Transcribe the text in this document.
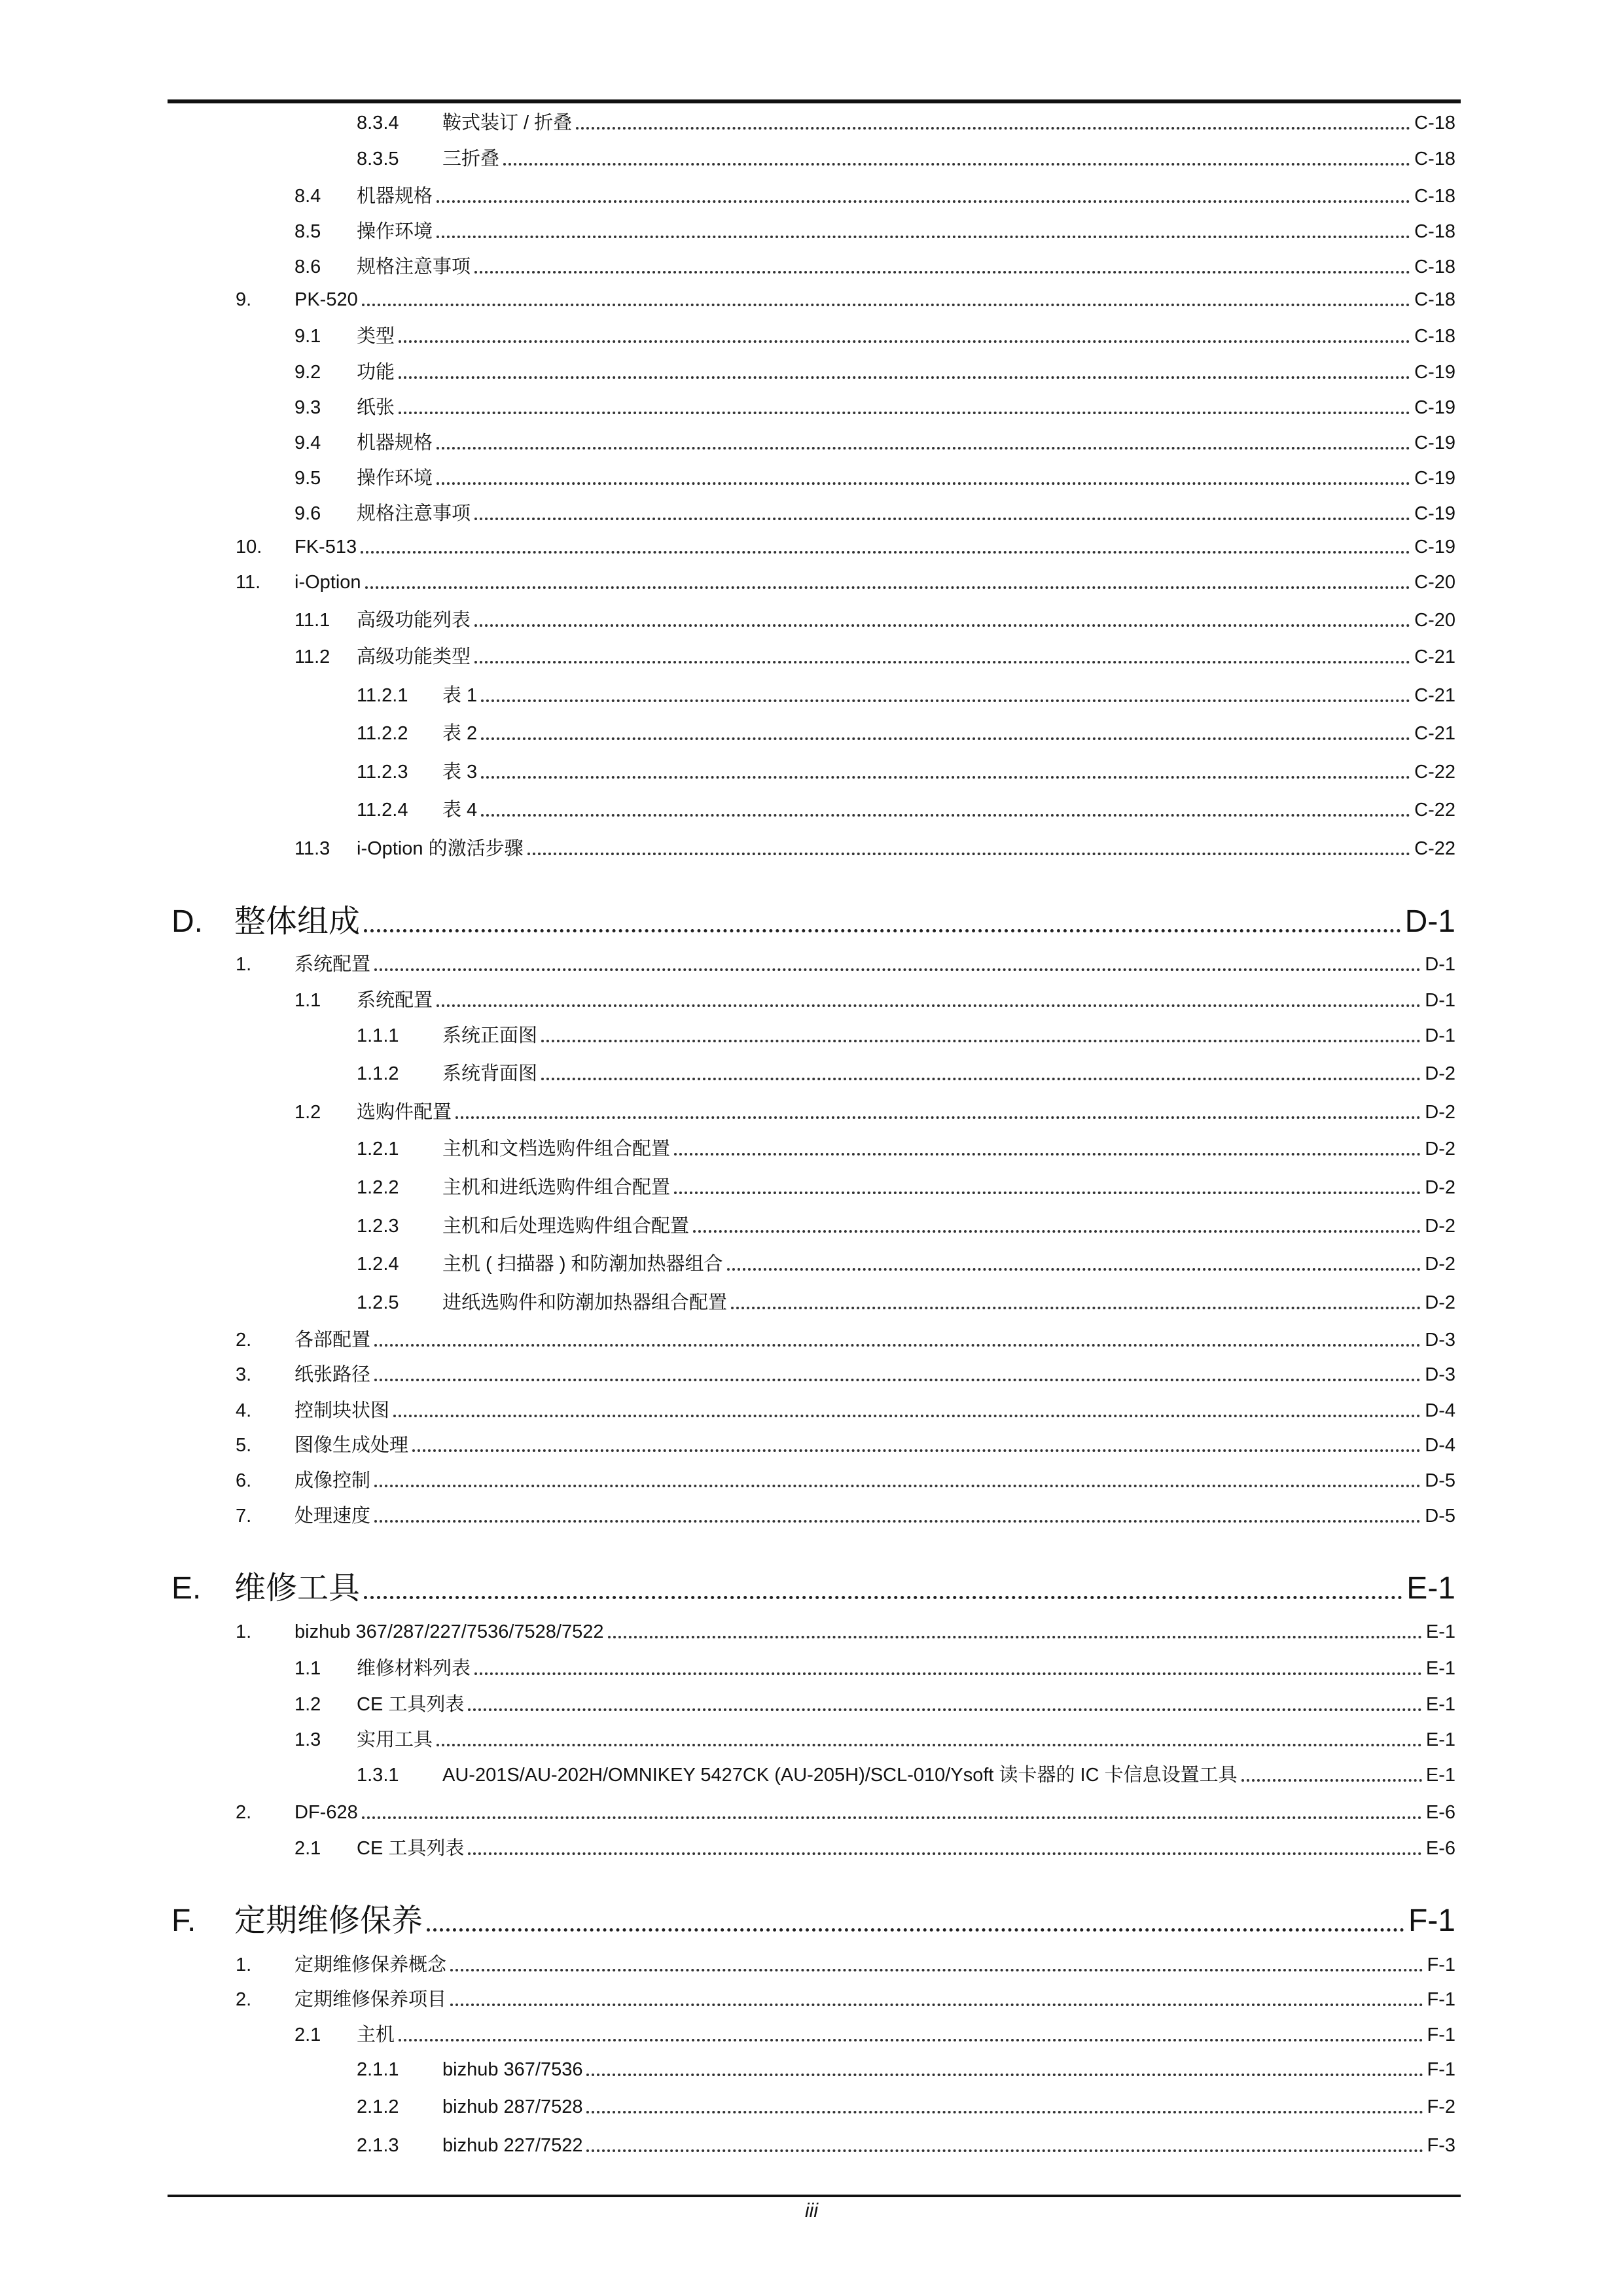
8.3.4	鞍式装订 / 折叠	C-18
8.3.5	三折叠	C-18
8.4	机器规格	C-18
8.5	操作环境	C-18
8.6	规格注意事项	C-18
9.	PK-520	C-18
9.1	类型	C-18
9.2	功能	C-19
9.3	纸张	C-19
9.4	机器规格	C-19
9.5	操作环境	C-19
9.6	规格注意事项	C-19
10.	FK-513	C-19
11.	i-Option	C-20
11.1	高级功能列表	C-20
11.2	高级功能类型	C-21
11.2.1	表 1	C-21
11.2.2	表 2	C-21
11.2.3	表 3	C-22
11.2.4	表 4	C-22
11.3	i-Option 的激活步骤	C-22
D.	整体组成	D-1
1.	系统配置	D-1
1.1	系统配置	D-1
1.1.1	系统正面图	D-1
1.1.2	系统背面图	D-2
1.2	选购件配置	D-2
1.2.1	主机和文档选购件组合配置	D-2
1.2.2	主机和进纸选购件组合配置	D-2
1.2.3	主机和后处理选购件组合配置	D-2
1.2.4	主机 ( 扫描器 ) 和防潮加热器组合	D-2
1.2.5	进纸选购件和防潮加热器组合配置	D-2
2.	各部配置	D-3
3.	纸张路径	D-3
4.	控制块状图	D-4
5.	图像生成处理	D-4
6.	成像控制	D-5
7.	处理速度	D-5
E.	维修工具	E-1
1.	bizhub 367/287/227/7536/7528/7522	E-1
1.1	维修材料列表	E-1
1.2	CE 工具列表	E-1
1.3	实用工具	E-1
1.3.1	AU-201S/AU-202H/OMNIKEY 5427CK (AU-205H)/SCL-010/Ysoft 读卡器的 IC 卡信息设置工具	E-1
2.	DF-628	E-6
2.1	CE 工具列表	E-6
F.	定期维修保养	F-1
1.	定期维修保养概念	F-1
2.	定期维修保养项目	F-1
2.1	主机	F-1
2.1.1	bizhub 367/7536	F-1
2.1.2	bizhub 287/7528	F-2
2.1.3	bizhub 227/7522	F-3
iii
